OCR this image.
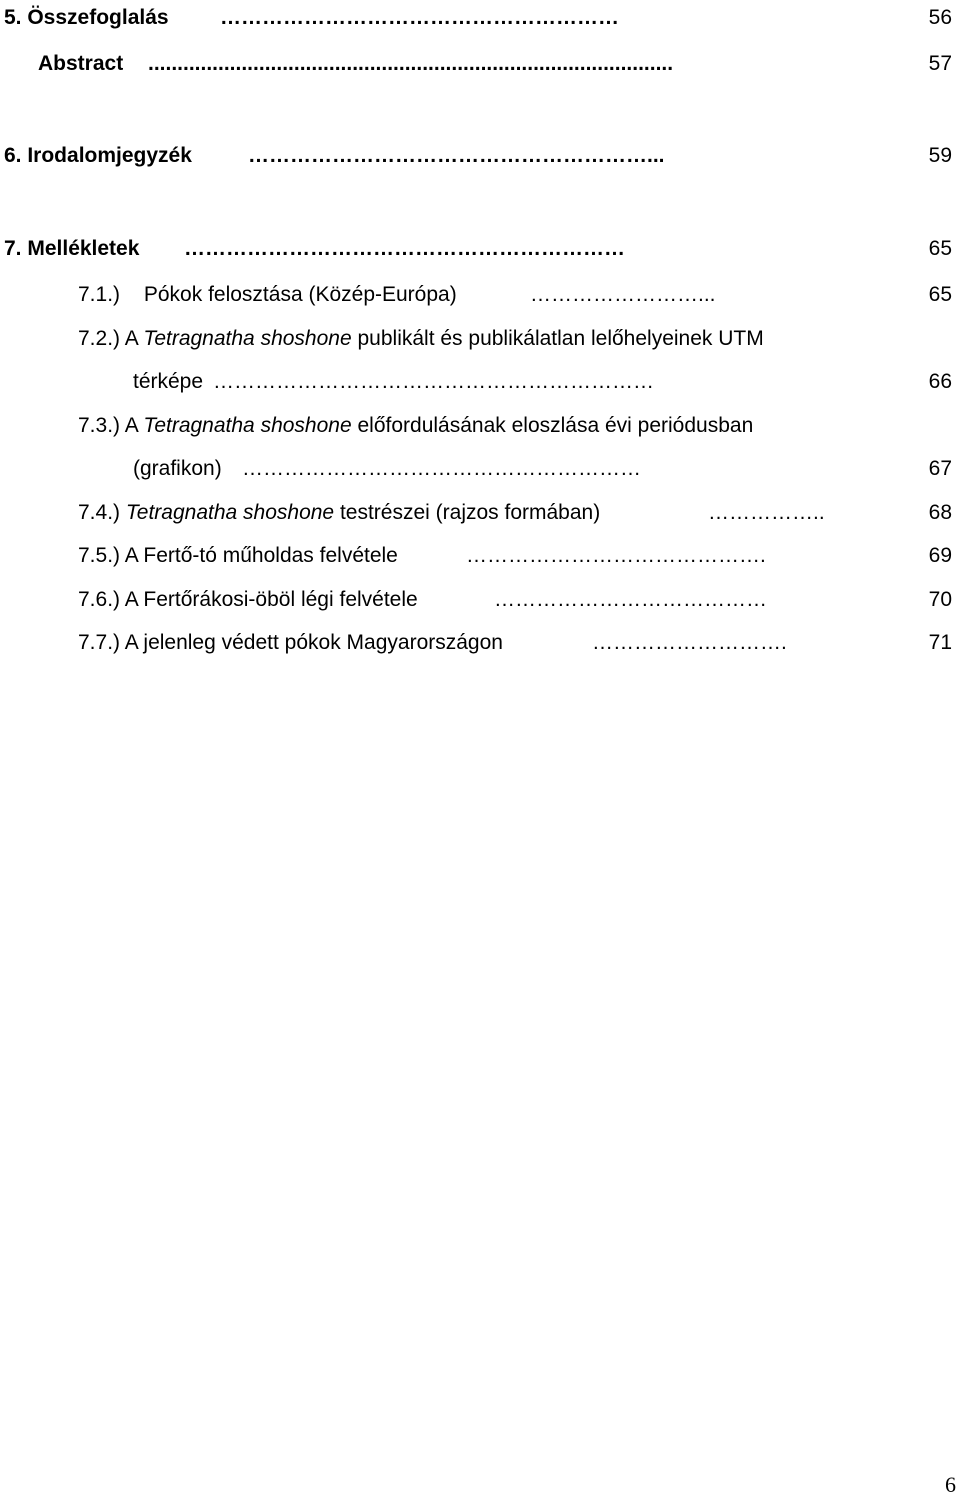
5. Összefoglalás …………………………………………………	56
Abstract ..........................................................................................	57
6. Irodalomjegyzék	…………………………………………………...	59
7. Mellékletek ………………………………………………………	65
7.1.) Pókok felosztása (Közép-Európa)	……………………...	65
7.2.) A Tetragnatha shoshone publikált és publikálatlan lelőhelyeinek UTM
térképe ………………………………………………………	66
7.3.) A Tetragnatha shoshone előfordulásának eloszlása évi periódusban
(grafikon) …………………………………………………	67
7.4.) Tetragnatha shoshone testrészei (rajzos formában)	……………..	68
7.5.) A Fertő-tó műholdas felvétele	…………………………………….	69
7.6.) A Fertőrákosi-öböl légi felvétele	…………………………………	70
7.7.) A jelenleg védett pókok Magyarországon	……………………….	71
6
